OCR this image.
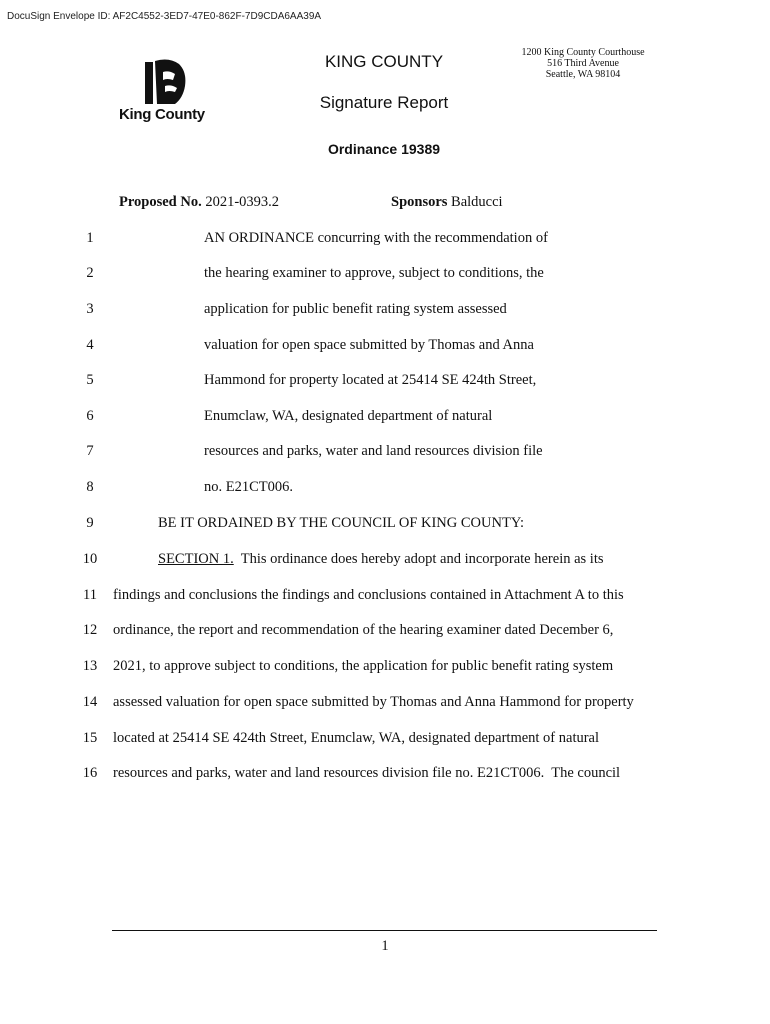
DocuSign Envelope ID: AF2C4552-3ED7-47E0-862F-7D9CDA6AA39A
King County
KING COUNTY
Signature Report
Ordinance 19389
1200 King County Courthouse
516 Third Avenue
Seattle, WA 98104
Proposed No. 2021-0393.2	Sponsors Balducci
1	AN ORDINANCE concurring with the recommendation of
2	the hearing examiner to approve, subject to conditions, the
3	application for public benefit rating system assessed
4	valuation for open space submitted by Thomas and Anna
5	Hammond for property located at 25414 SE 424th Street,
6	Enumclaw, WA, designated department of natural
7	resources and parks, water and land resources division file
8	no. E21CT006.
9	BE IT ORDAINED BY THE COUNCIL OF KING COUNTY:
10	SECTION 1.  This ordinance does hereby adopt and incorporate herein as its
11	findings and conclusions the findings and conclusions contained in Attachment A to this
12	ordinance, the report and recommendation of the hearing examiner dated December 6,
13	2021, to approve subject to conditions, the application for public benefit rating system
14	assessed valuation for open space submitted by Thomas and Anna Hammond for property
15	located at 25414 SE 424th Street, Enumclaw, WA, designated department of natural
16	resources and parks, water and land resources division file no. E21CT006.  The council
1
